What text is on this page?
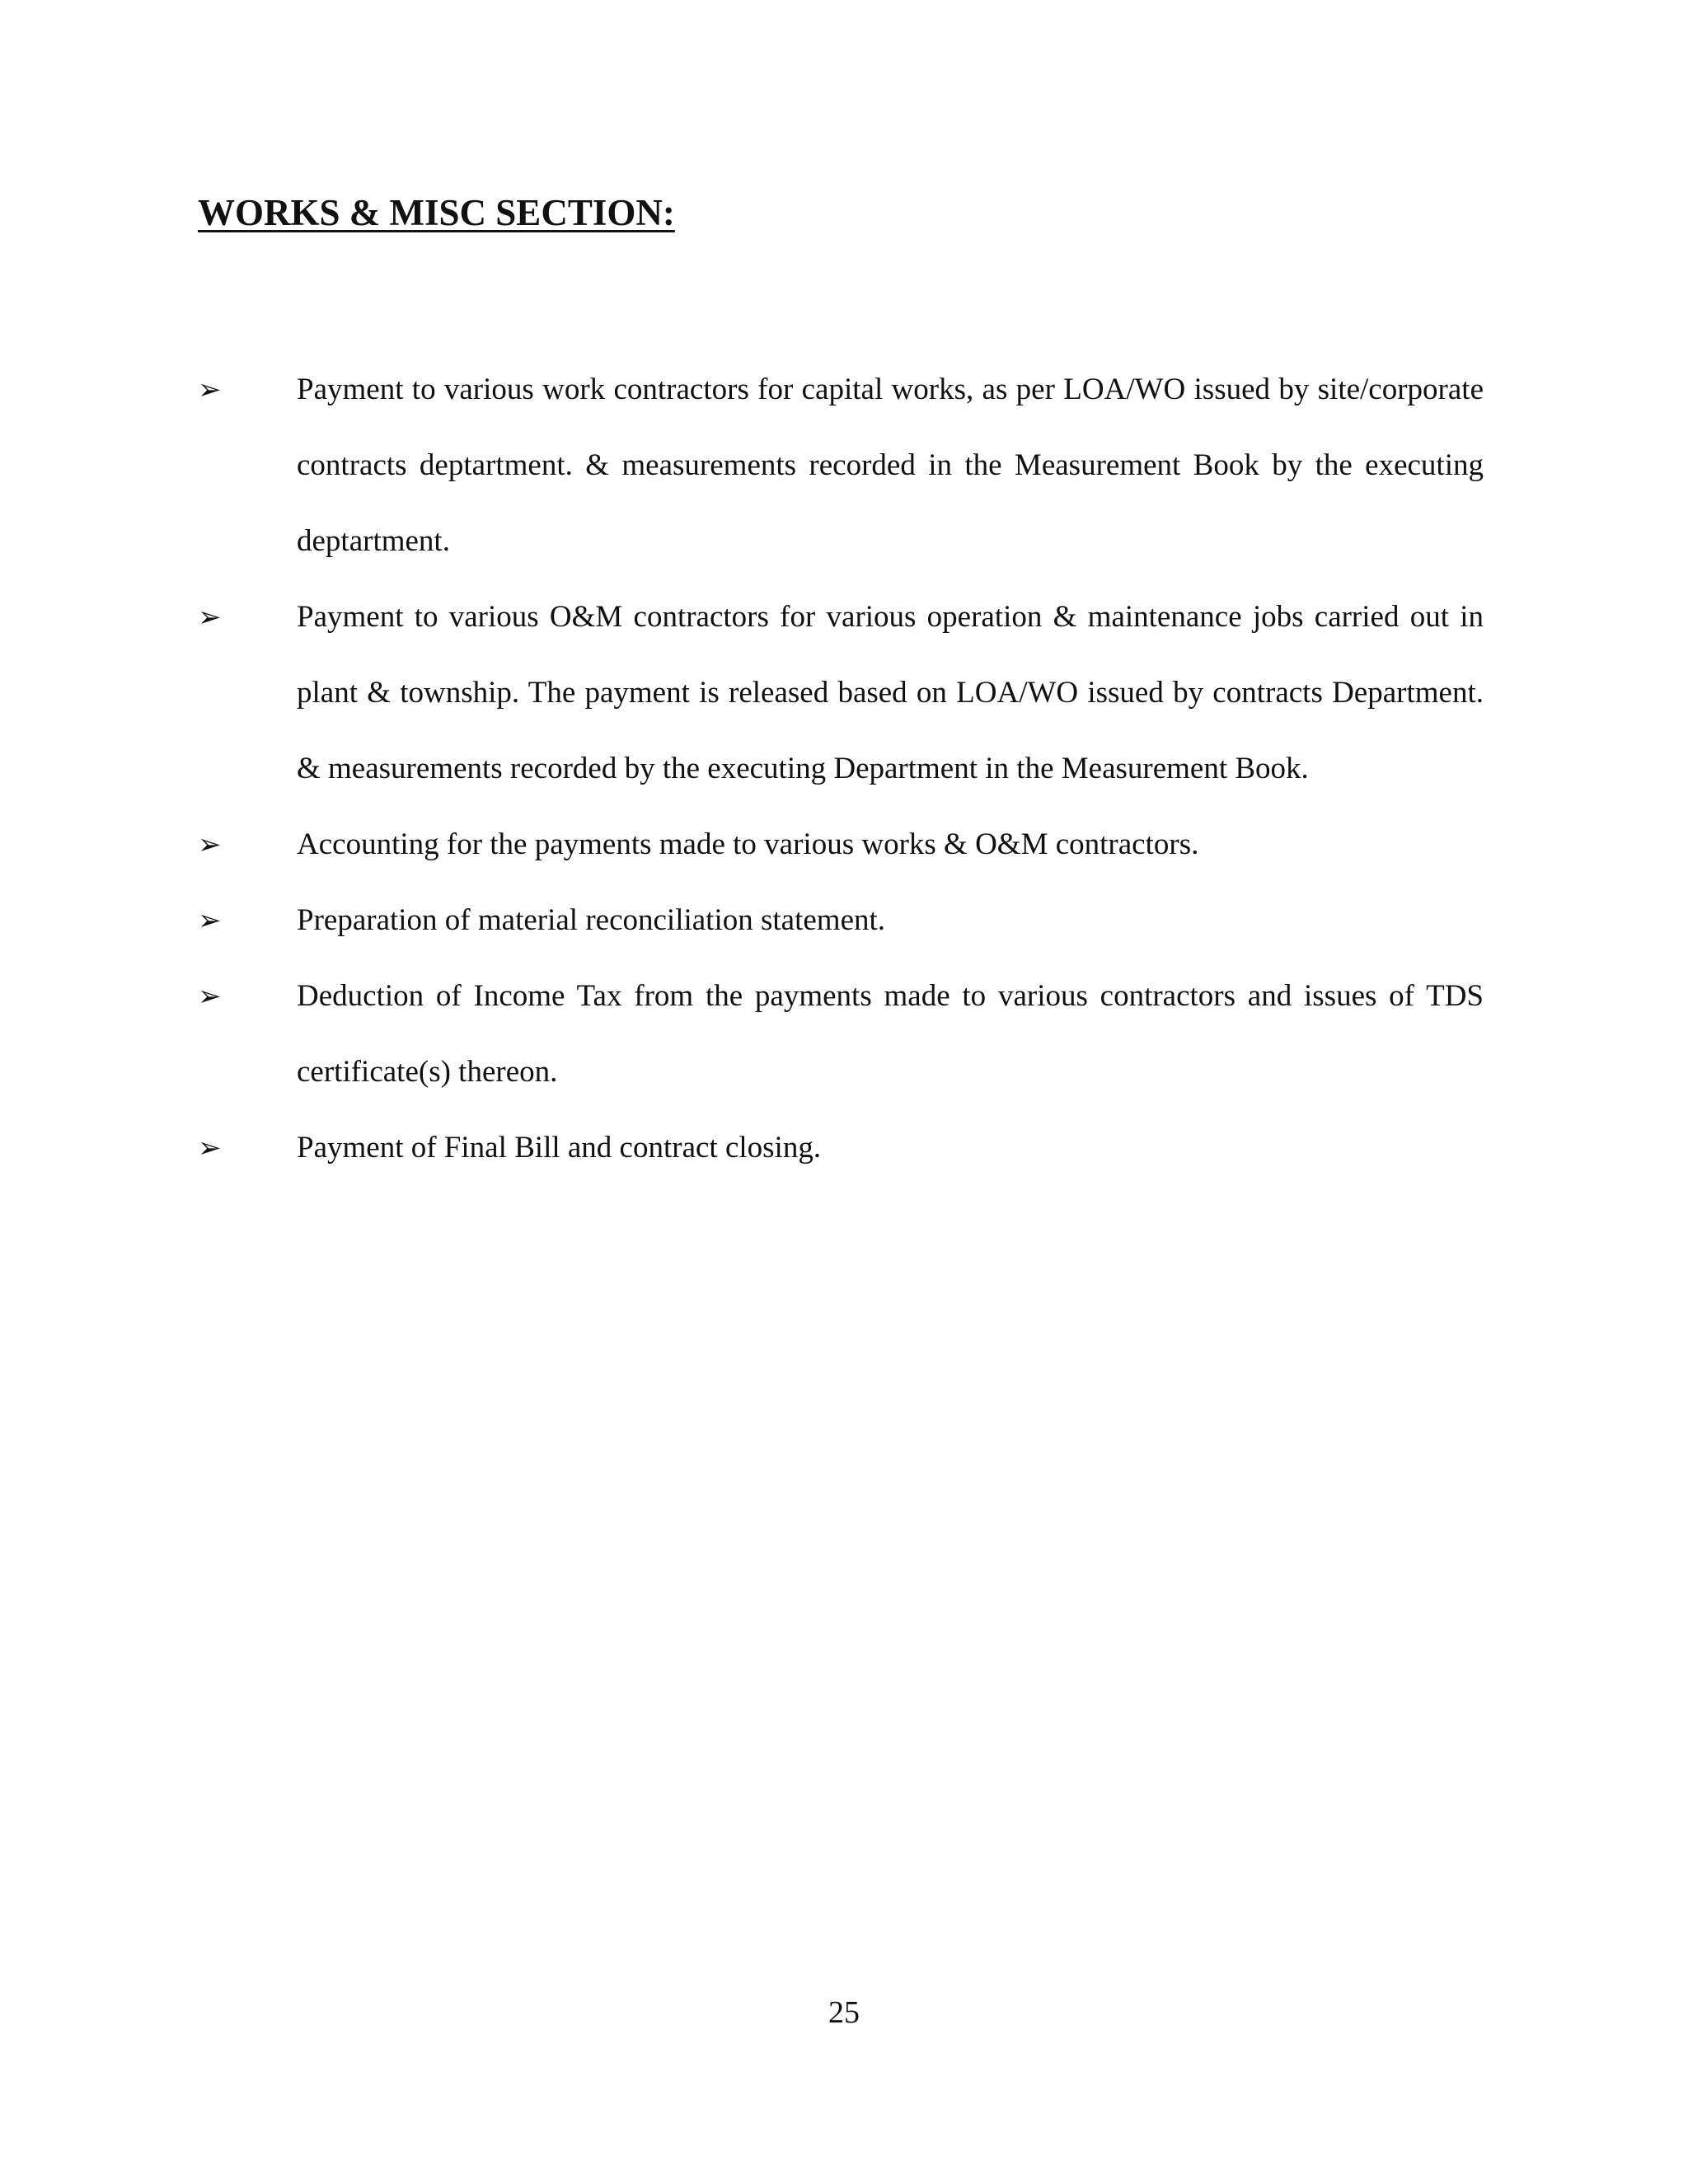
WORKS & MISC SECTION:
➢	Payment to various work contractors for capital works, as per LOA/WO issued by site/corporate contracts deptartment. & measurements recorded in the Measurement Book by the executing deptartment.
➢	Payment to various O&M contractors for various operation & maintenance jobs carried out in plant & township. The payment is released based on LOA/WO issued by contracts Department. & measurements recorded by the executing Department in the Measurement Book.
➢	Accounting for the payments made to various works & O&M contractors.
➢	Preparation of material reconciliation statement.
➢	Deduction of Income Tax from the payments made to various contractors and issues of TDS certificate(s) thereon.
➢	Payment of Final Bill and contract closing.
25
